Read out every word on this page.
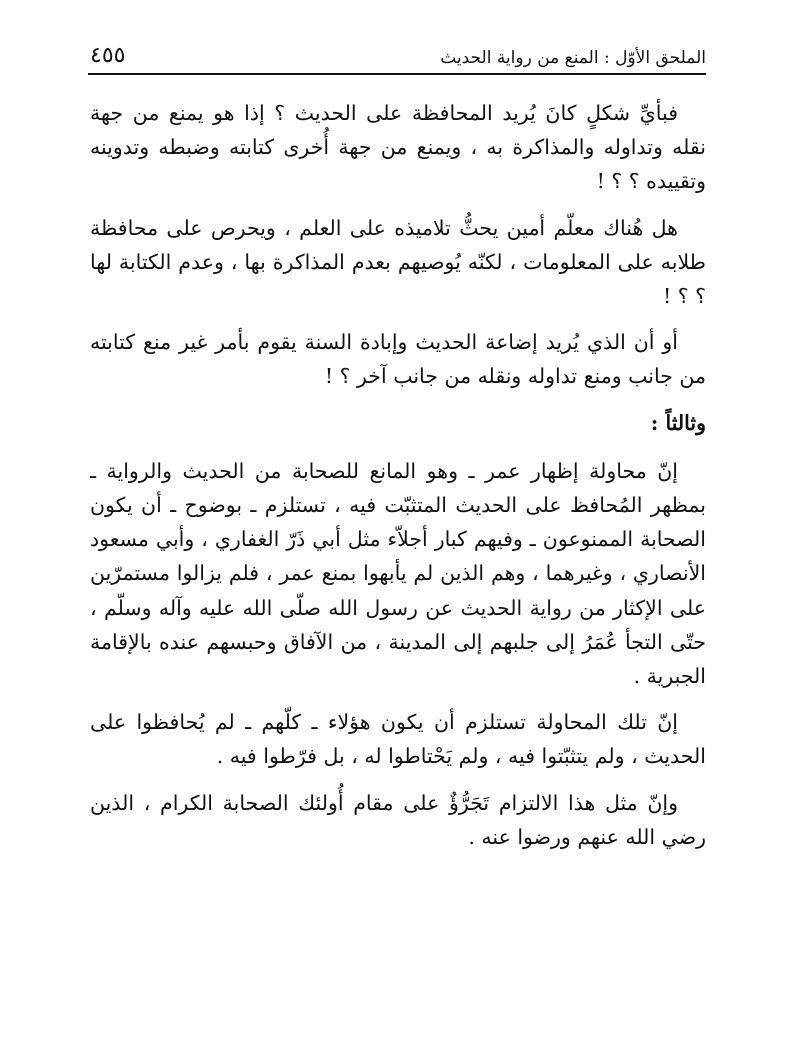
الملحق الأوّل : المنع من رواية الحديث
٤٥٥

فبأيِّ شكلٍ كانَ يُريد المحافظة على الحديث ؟ إذا هو يمنع من جهة نقله وتداوله والمذاكرة به ، ويمنع من جهة أُخرى كتابته وضبطه وتدوينه وتقييده ؟ ؟ !

هل هُناك معلّم أمين يحثُّ تلاميذه على العلم ، ويحرص على محافظة طلابه على المعلومات ، لكنّه يُوصيهم بعدم المذاكرة بها ، وعدم الكتابة لها ؟ ؟ !

أو أن الذي يُريد إضاعة الحديث وإبادة السنة يقوم بأمر غير منع كتابته من جانب ومنع تداوله ونقله من جانب آخر ؟ !

وثالثاً :

إنّ محاولة إظهار عمر ـ وهو المانع للصحابة من الحديث والرواية ـ بمظهر المُحافظ على الحديث المتثبّت فيه ، تستلزم ـ بوضوح ـ أن يكون الصحابة الممنوعون ـ وفيهم كبار أجلاّء مثل أبي ذَرّ الغفاري ، وأبي مسعود الأنصاري ، وغيرهما ، وهم الذين لم يأبهوا بمنع عمر ، فلم يزالوا مستمرّين على الإكثار من رواية الحديث عن رسول الله صلّى الله عليه وآله وسلّم ، حتّى التجأ عُمَرُ إلى جلبهم إلى المدينة ، من الآفاق وحبسهم عنده بالإقامة الجبرية .

إنّ تلك المحاولة تستلزم أن يكون هؤلاء ـ كلّهم ـ لم يُحافظوا على الحديث ، ولم يتثبّتوا فيه ، ولم يَحْتاطوا له ، بل فرّطوا فيه .

وإنّ مثل هذا الالتزام تَجَرُّؤٌ على مقام أُولئك الصحابة الكرام ، الذين رضي الله عنهم ورضوا عنه .
